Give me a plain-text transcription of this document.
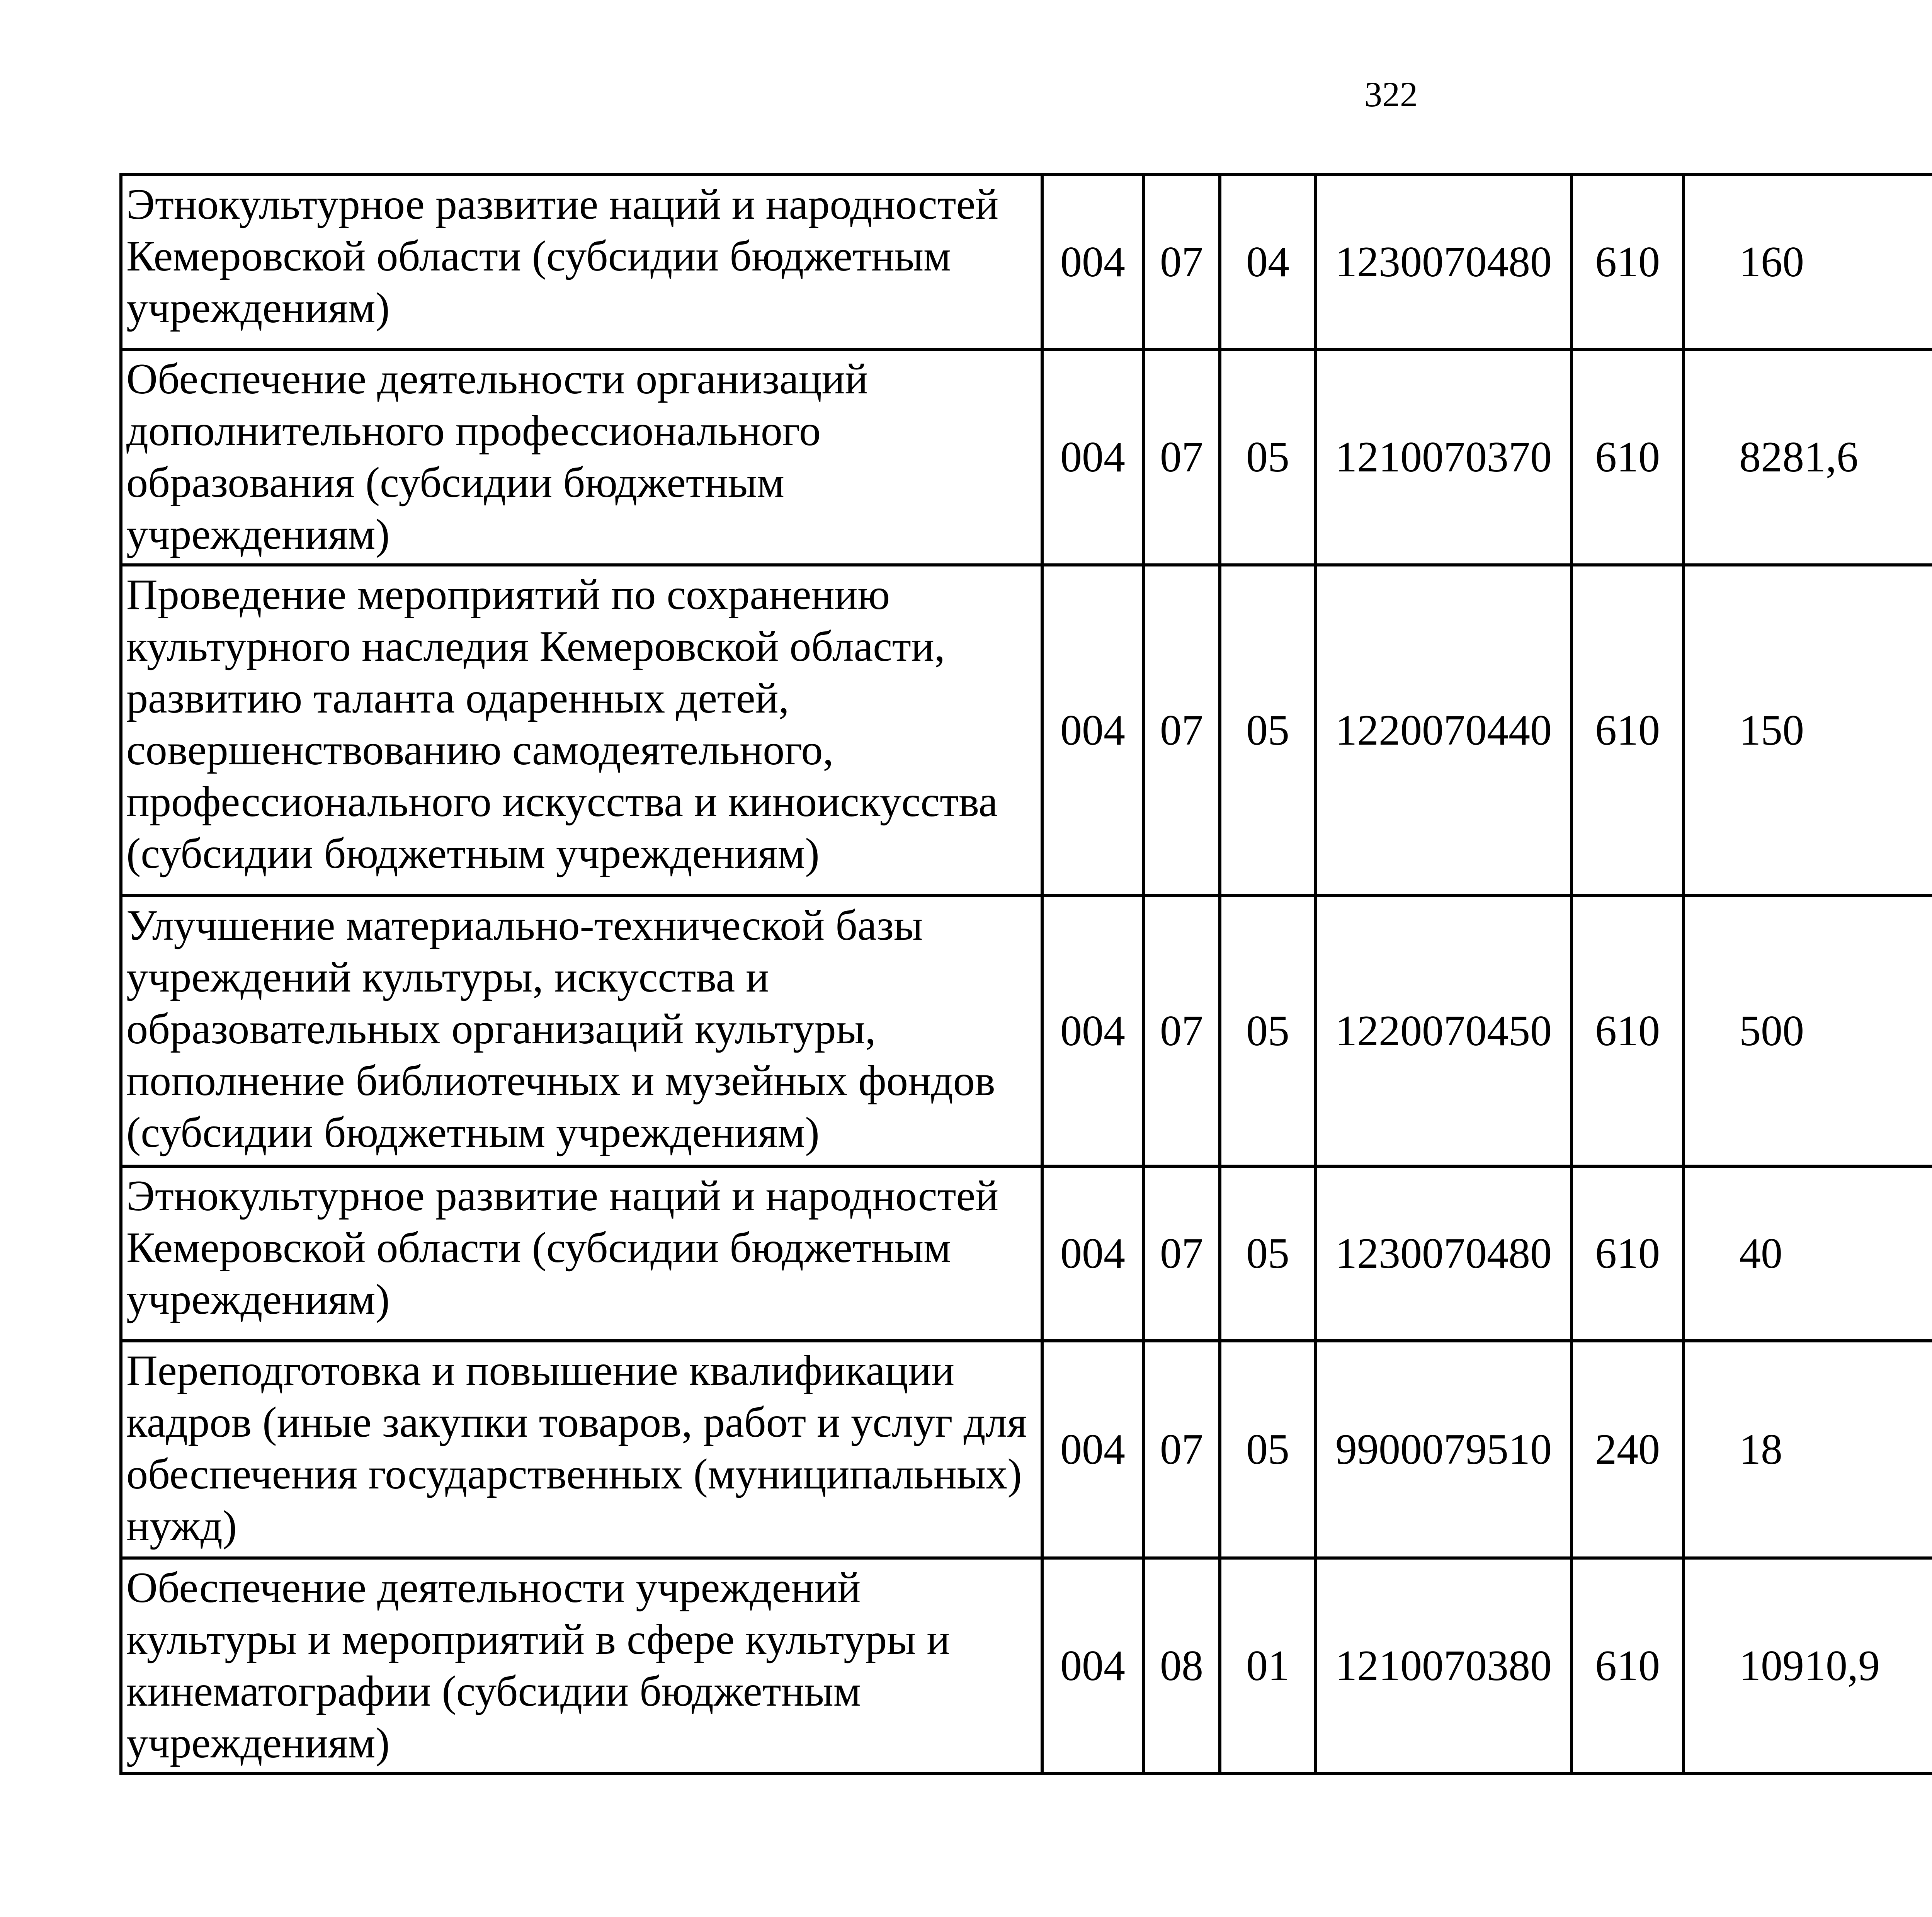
322
Этнокультурное развитие наций и народностей Кемеровской области (субсидии бюджетным учреждениям)	004	07	04	1230070480	610	160		

Обеспечение деятельности организаций дополнительного профессионального образования (субсидии бюджетным учреждениям)	004	07	05	1210070370	610	8281,6		

Проведение мероприятий по сохранению культурного наследия Кемеровской области, развитию таланта одаренных детей, совершенствованию самодеятельного, профессионального искусства и киноискусства (субсидии бюджетным учреждениям)	004	07	05	1220070440	610	150		

Улучшение материально-технической базы учреждений культуры, искусства и образовательных организаций культуры, пополнение библиотечных и музейных фондов (субсидии бюджетным учреждениям)	004	07	05	1220070450	610	500		

Этнокультурное развитие наций и народностей Кемеровской области (субсидии бюджетным учреждениям)	004	07	05	1230070480	610	40		

Переподготовка и повышение квалификации кадров (иные закупки товаров, работ и услуг для обеспечения государственных (муниципальных) нужд)	004	07	05	9900079510	240	18		

Обеспечение деятельности учреждений культуры и мероприятий в сфере культуры и кинематографии (субсидии бюджетным учреждениям)	004	08	01	1210070380	610	10910,9		
